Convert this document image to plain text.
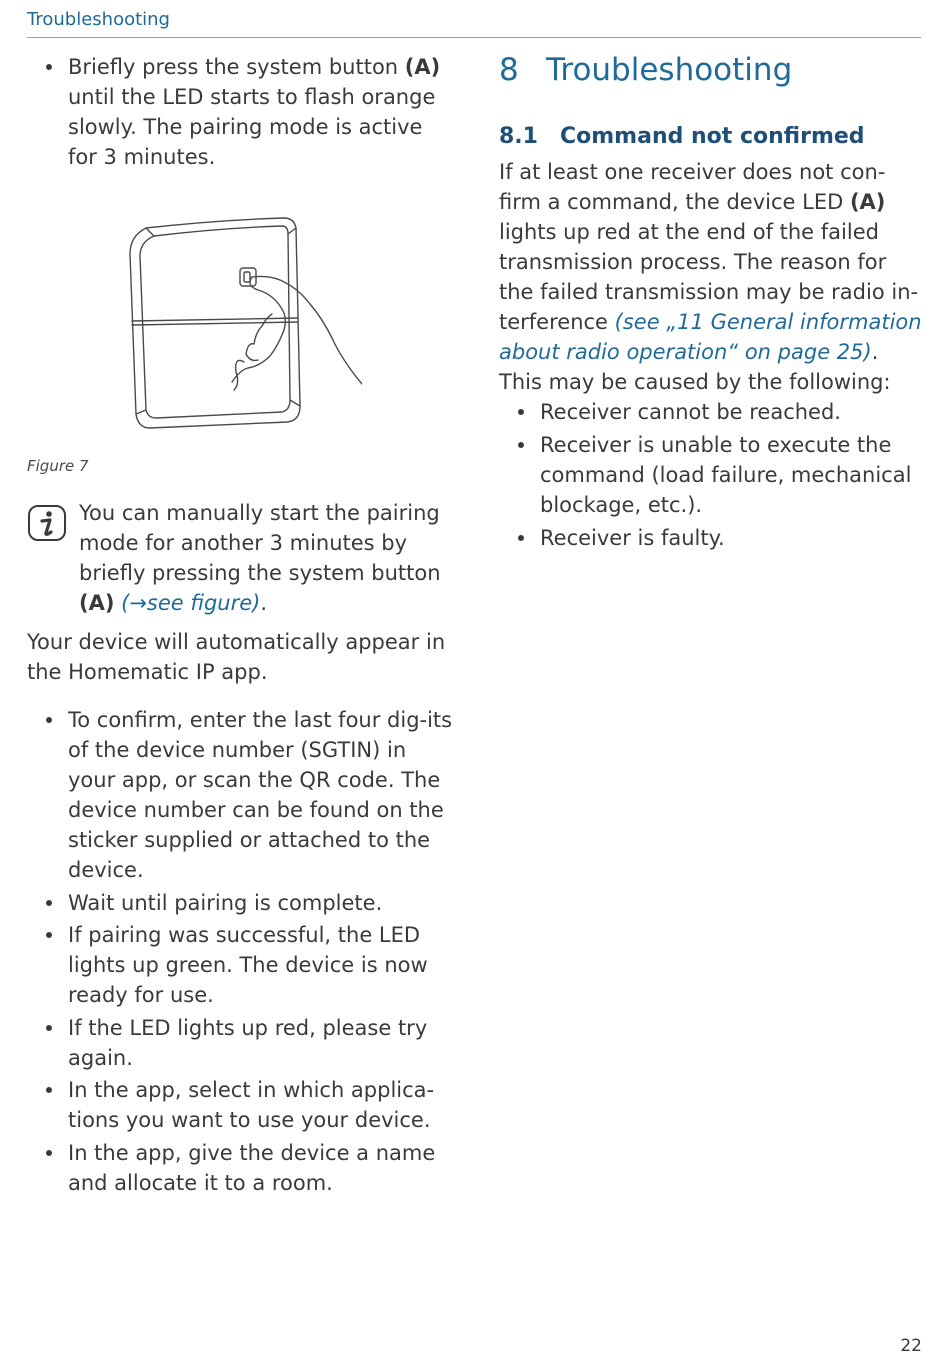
Troubleshooting
Briefly press the system button (A) until the LED starts to flash orange slowly. The pairing mode is active for 3 minutes.
Figure 7
You can manually start the pairing mode for another 3 minutes by briefly pressing the system button (A) (→see figure).
Your device will automatically appear in the Homematic IP app.
To confirm, enter the last four dig-its of the device number (SGTIN) in your app, or scan the QR code. The device number can be found on the sticker supplied or attached to the device.
Wait until pairing is complete.
If pairing was successful, the LED lights up green. The device is now ready for use.
If the LED lights up red, please try again.
In the app, select in which applica-tions you want to use your device.
In the app, give the device a name and allocate it to a room.
8 Troubleshooting
8.1 Command not confirmed
If at least one receiver does not con-firm a command, the device LED (A) lights up red at the end of the failed transmission process. The reason for the failed transmission may be radio in-terference (see „11 General information about radio operation“ on page 25).
This may be caused by the following:
Receiver cannot be reached.
Receiver is unable to execute the command (load failure, mechanical blockage, etc.).
Receiver is faulty.
22
